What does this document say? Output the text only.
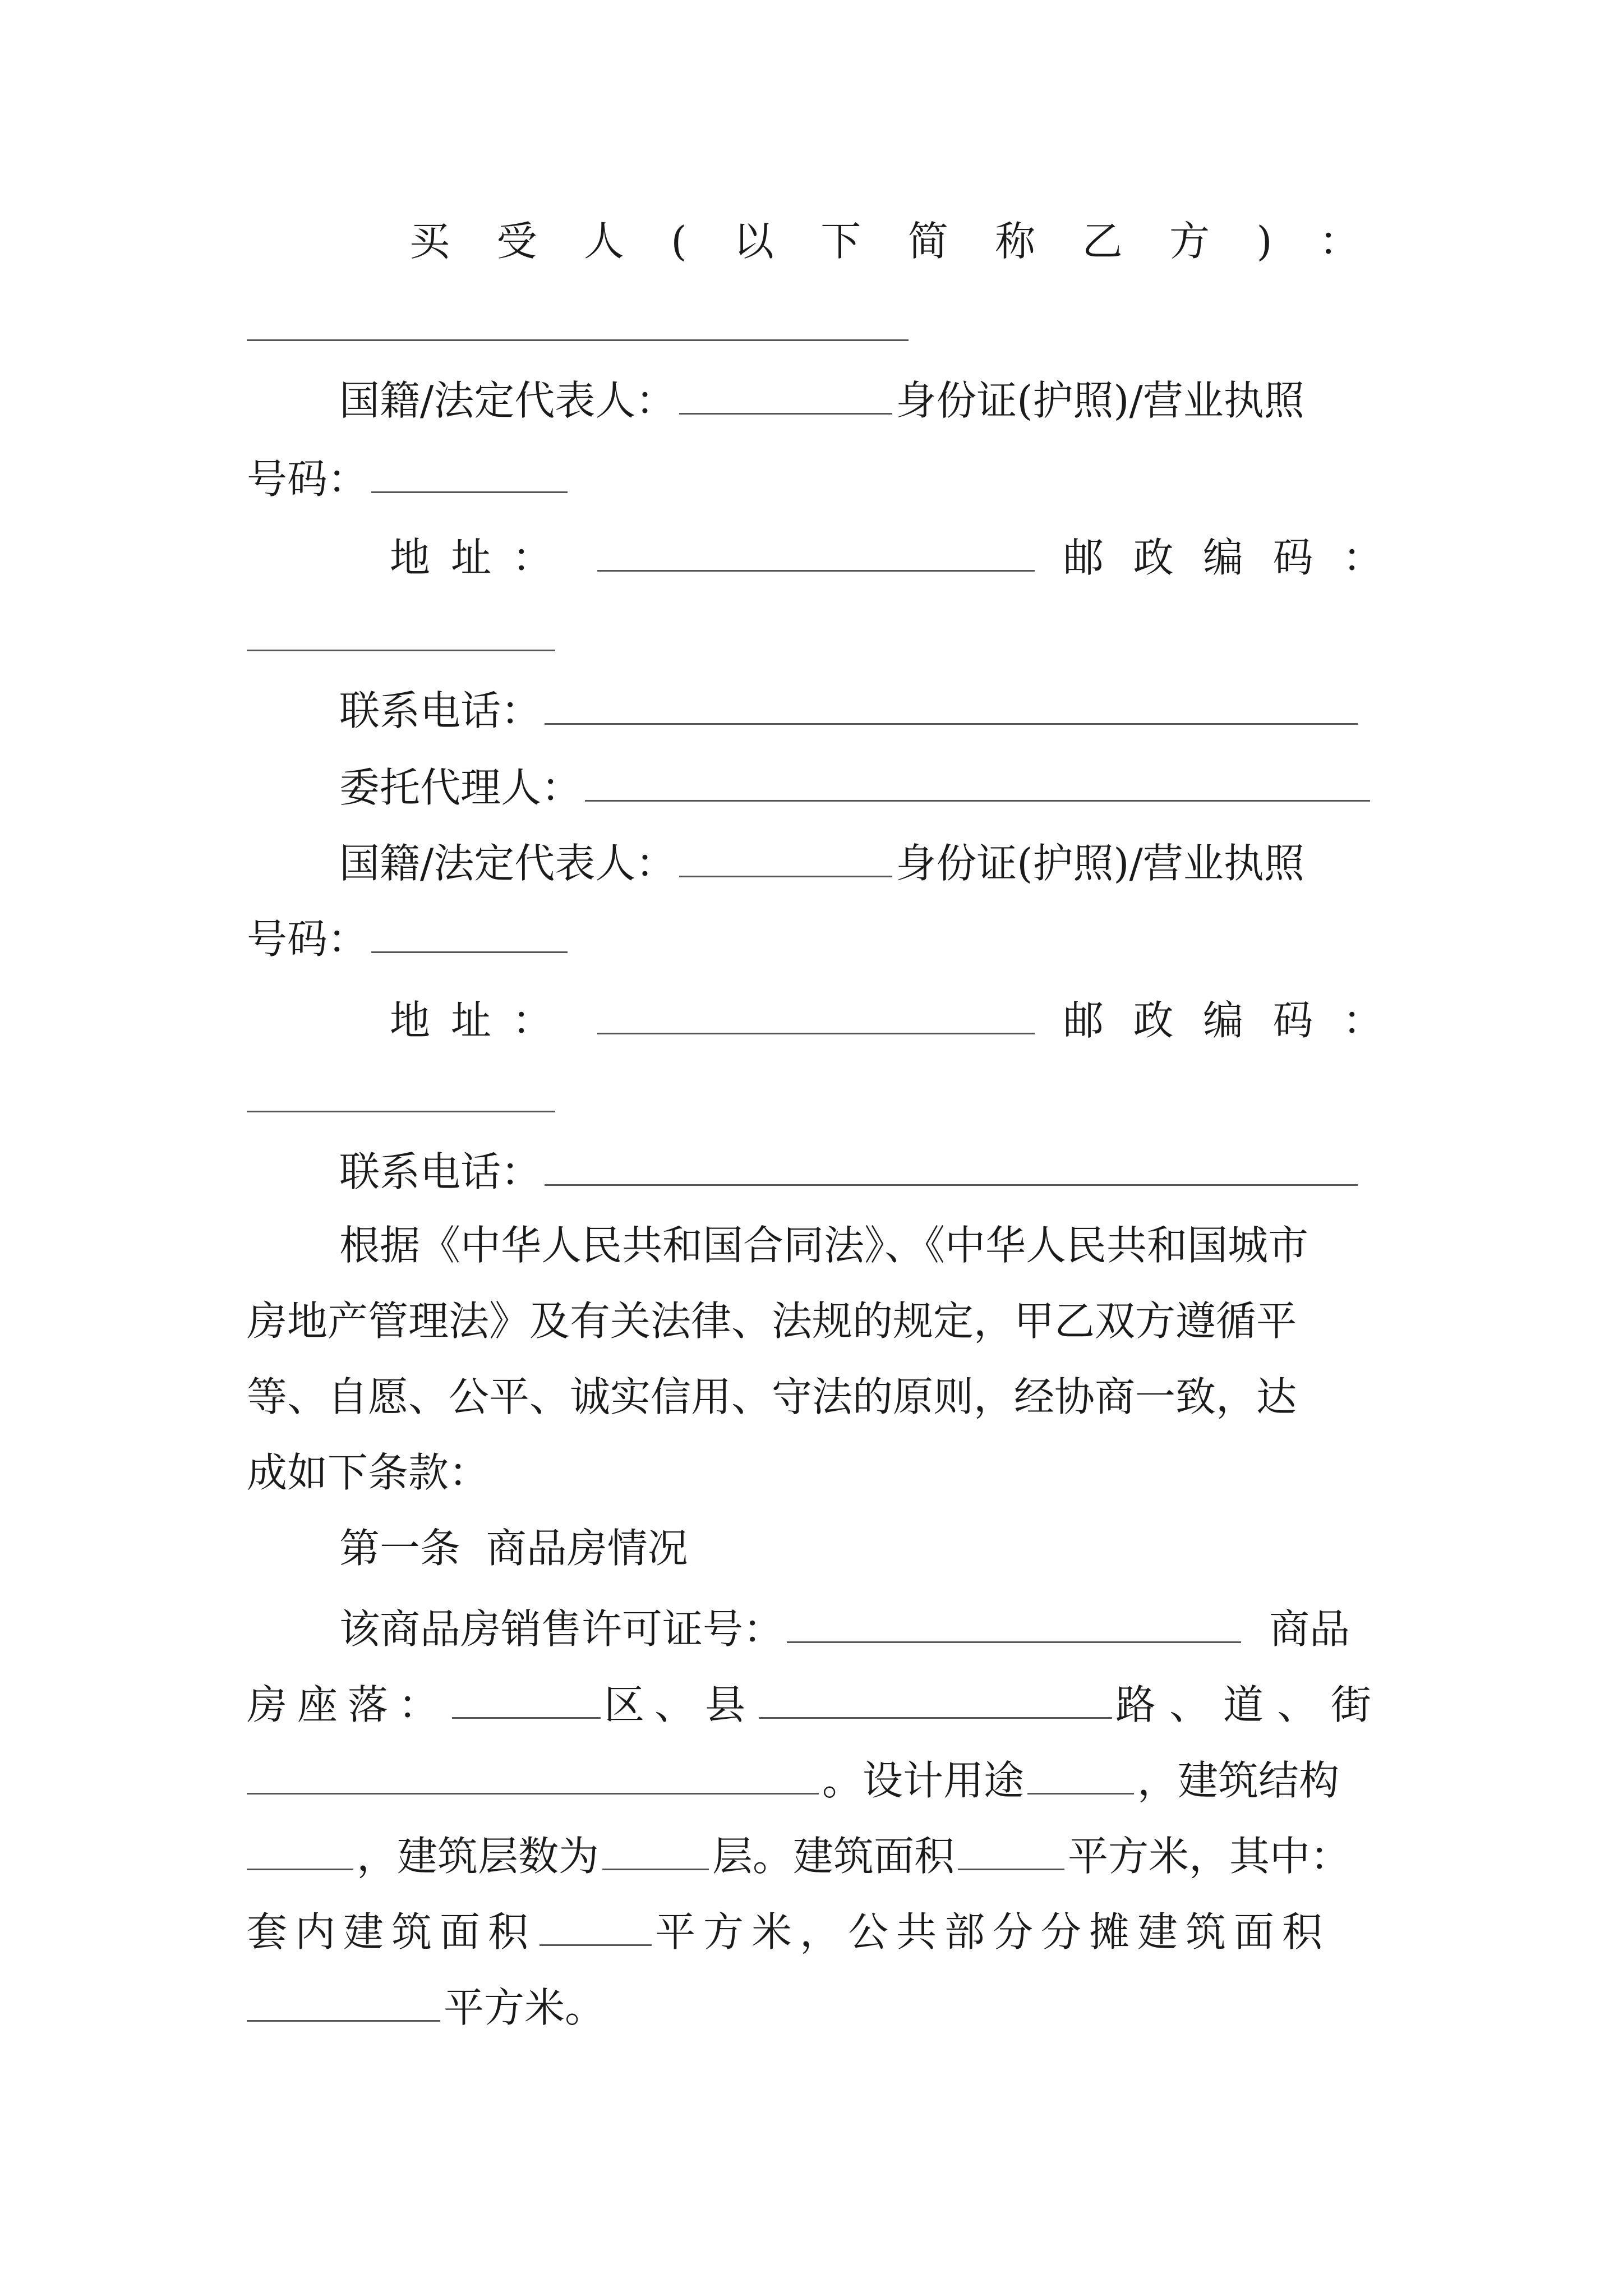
买 受 人 ( 以 下 简 称 乙 方 ) ：
国籍/法定代表人：	身份证(护照)/营业执照
号码：
地 址 ：	邮 政 编 码 ：
联系电话：
委托代理人：
国籍/法定代表人：	身份证(护照)/营业执照
号码：
地 址 ：	邮 政 编 码 ：
联系电话：
根据《中华人民共和国合同法》、《中华人民共和国城市
房地产管理法》及有关法律、法规的规定，甲乙双方遵循平
等、自愿、公平、诚实信用、守法的原则，经协商一致，达
成如下条款：
第一条  商品房情况
该商品房销售许可证号：	商品
房座落：	区、县	路、道、街
。设计用途	，建筑结构
，建筑层数为	层。建筑面积	平方米，其中：
套内建筑面积	平方米，公共部分分摊建筑面积
平方米。
